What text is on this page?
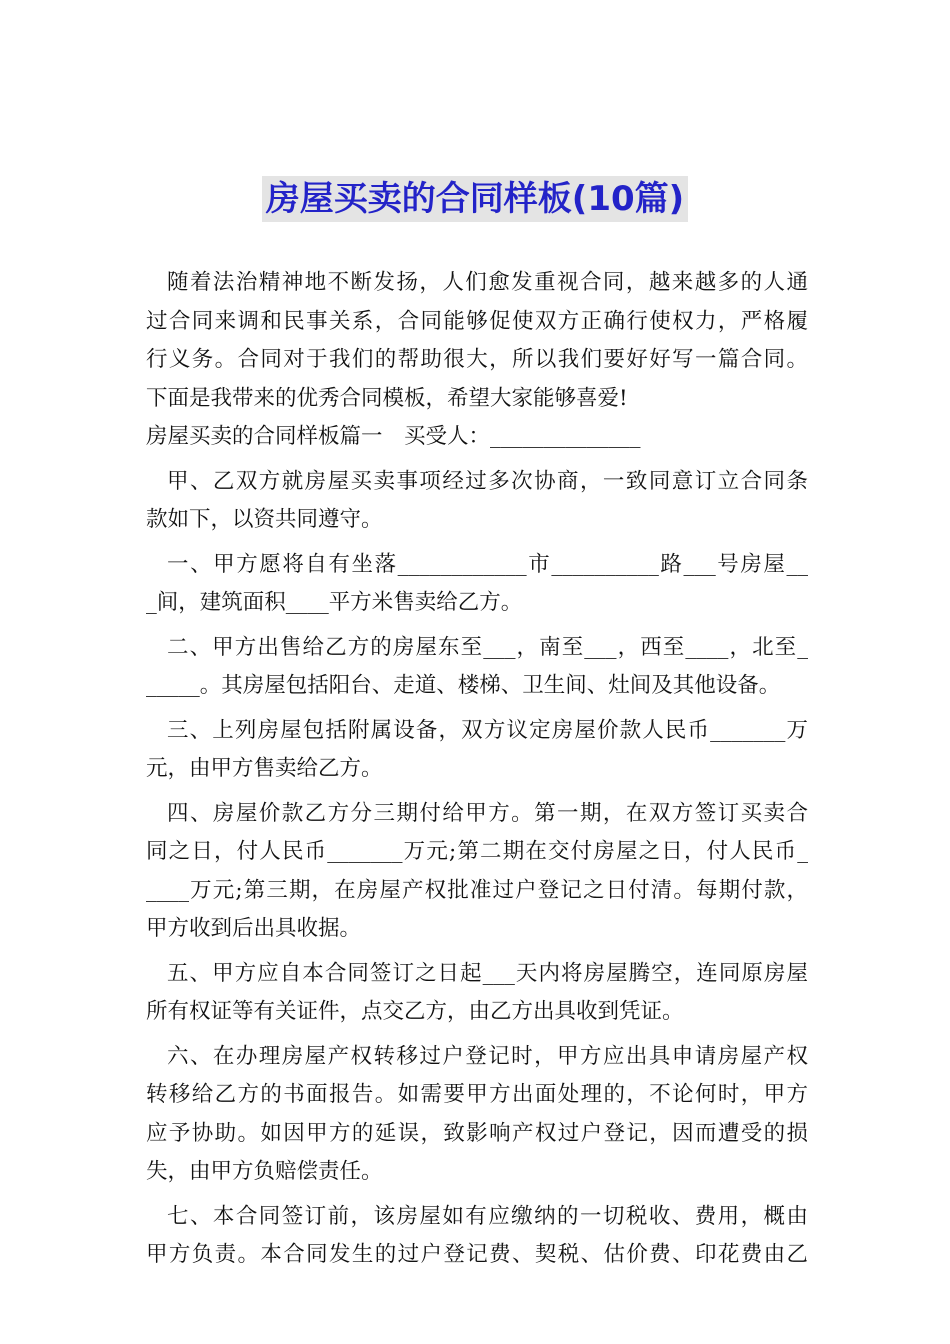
房屋买卖的合同样板(10篇)
随着法治精神地不断发扬，人们愈发重视合同，越来越多的人通
过合同来调和民事关系，合同能够促使双方正确行使权力，严格履
行义务。合同对于我们的帮助很大，所以我们要好好写一篇合同。
下面是我带来的优秀合同模板，希望大家能够喜爱!
房屋买卖的合同样板篇一　买受人：______________
甲、乙双方就房屋买卖事项经过多次协商，一致同意订立合同条
款如下，以资共同遵守。
一、甲方愿将自有坐落____________市__________路___号房屋__
_间，建筑面积____平方米售卖给乙方。
二、甲方出售给乙方的房屋东至___，南至___，西至____，北至_
_____。其房屋包括阳台、走道、楼梯、卫生间、灶间及其他设备。
三、上列房屋包括附属设备，双方议定房屋价款人民币_______万
元，由甲方售卖给乙方。
四、房屋价款乙方分三期付给甲方。第一期，在双方签订买卖合
同之日，付人民币_______万元;第二期在交付房屋之日，付人民币_
____万元;第三期，在房屋产权批准过户登记之日付清。每期付款，
甲方收到后出具收据。
五、甲方应自本合同签订之日起___天内将房屋腾空，连同原房屋
所有权证等有关证件，点交乙方，由乙方出具收到凭证。
六、在办理房屋产权转移过户登记时，甲方应出具申请房屋产权
转移给乙方的书面报告。如需要甲方出面处理的，不论何时，甲方
应予协助。如因甲方的延误，致影响产权过户登记，因而遭受的损
失，由甲方负赔偿责任。
七、本合同签订前，该房屋如有应缴纳的一切税收、费用，概由
甲方负责。本合同发生的过户登记费、契税、估价费、印花费由乙
